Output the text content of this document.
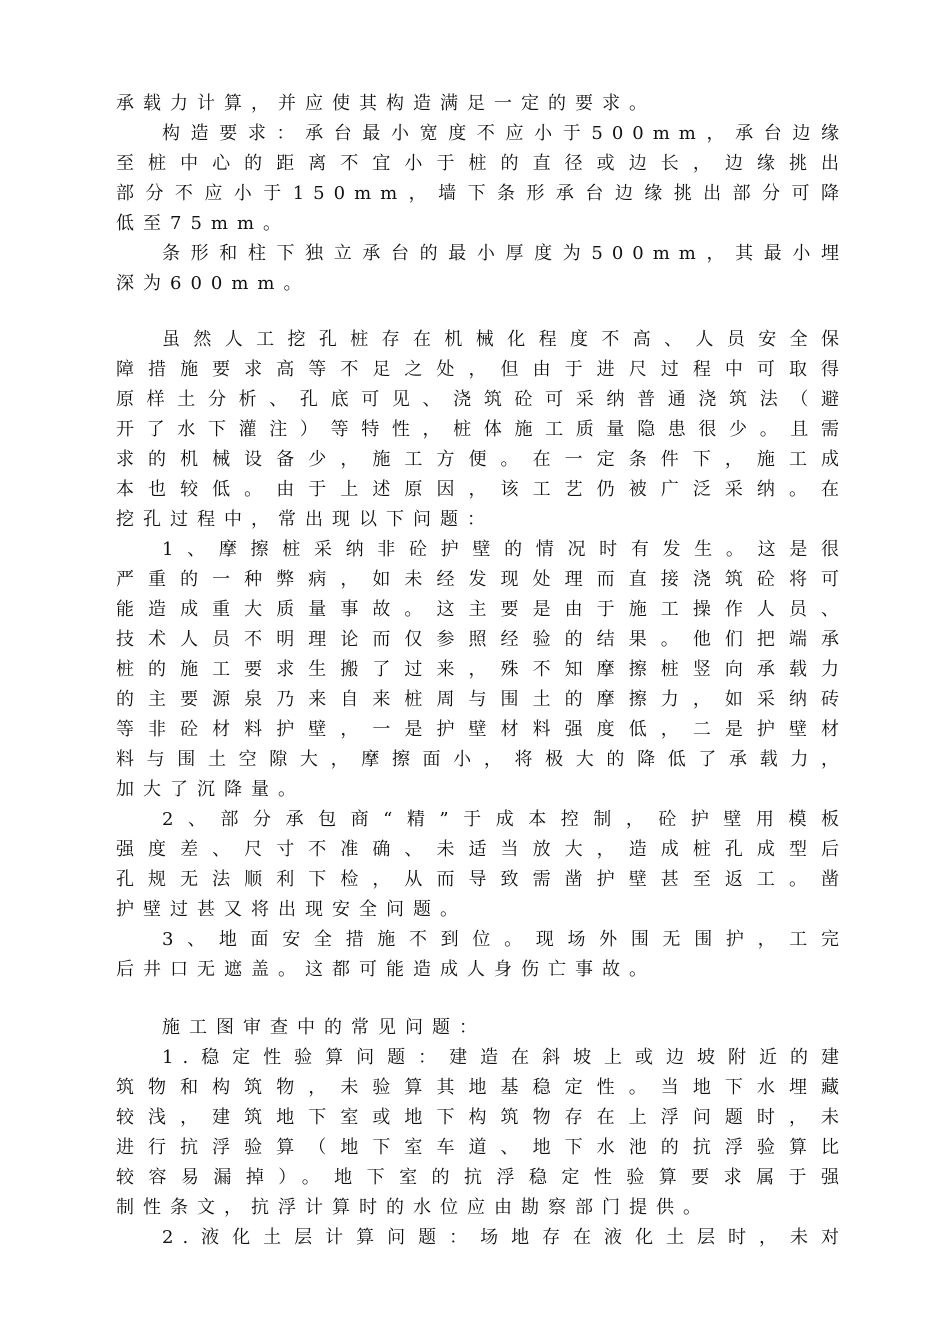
承载力计算，并应使其构造满足一定的要求。
构造要求：承台最小宽度不应小于500mm，承台边缘
至桩中心的距离不宜小于桩的直径或边长，边缘挑出
部分不应小于150mm，墙下条形承台边缘挑出部分可降
低至75mm。
条形和柱下独立承台的最小厚度为500mm，其最小埋
深为600mm。
虽然人工挖孔桩存在机械化程度不高、人员安全保
障措施要求高等不足之处，但由于进尺过程中可取得
原样土分析、孔底可见、浇筑砼可采纳普通浇筑法（避
开了水下灌注）等特性，桩体施工质量隐患很少。且需
求的机械设备少，施工方便。在一定条件下，施工成
本也较低。由于上述原因，该工艺仍被广泛采纳。在
挖孔过程中，常出现以下问题：
1、摩擦桩采纳非砼护壁的情况时有发生。这是很
严重的一种弊病，如未经发现处理而直接浇筑砼将可
能造成重大质量事故。这主要是由于施工操作人员、
技术人员不明理论而仅参照经验的结果。他们把端承
桩的施工要求生搬了过来，殊不知摩擦桩竖向承载力
的主要源泉乃来自来桩周与围土的摩擦力，如采纳砖
等非砼材料护壁，一是护壁材料强度低，二是护壁材
料与围土空隙大，摩擦面小，将极大的降低了承载力，
加大了沉降量。
2、部分承包商“精”于成本控制，砼护壁用模板
强度差、尺寸不准确、未适当放大，造成桩孔成型后
孔规无法顺利下检，从而导致需凿护壁甚至返工。凿
护壁过甚又将出现安全问题。
3、地面安全措施不到位。现场外围无围护，工完
后井口无遮盖。这都可能造成人身伤亡事故。
施工图审查中的常见问题：
1.稳定性验算问题：建造在斜坡上或边坡附近的建
筑物和构筑物，未验算其地基稳定性。当地下水埋藏
较浅，建筑地下室或地下构筑物存在上浮问题时，未
进行抗浮验算（地下室车道、地下水池的抗浮验算比
较容易漏掉）。地下室的抗浮稳定性验算要求属于强
制性条文，抗浮计算时的水位应由勘察部门提供。
2.液化土层计算问题：场地存在液化土层时，未对
